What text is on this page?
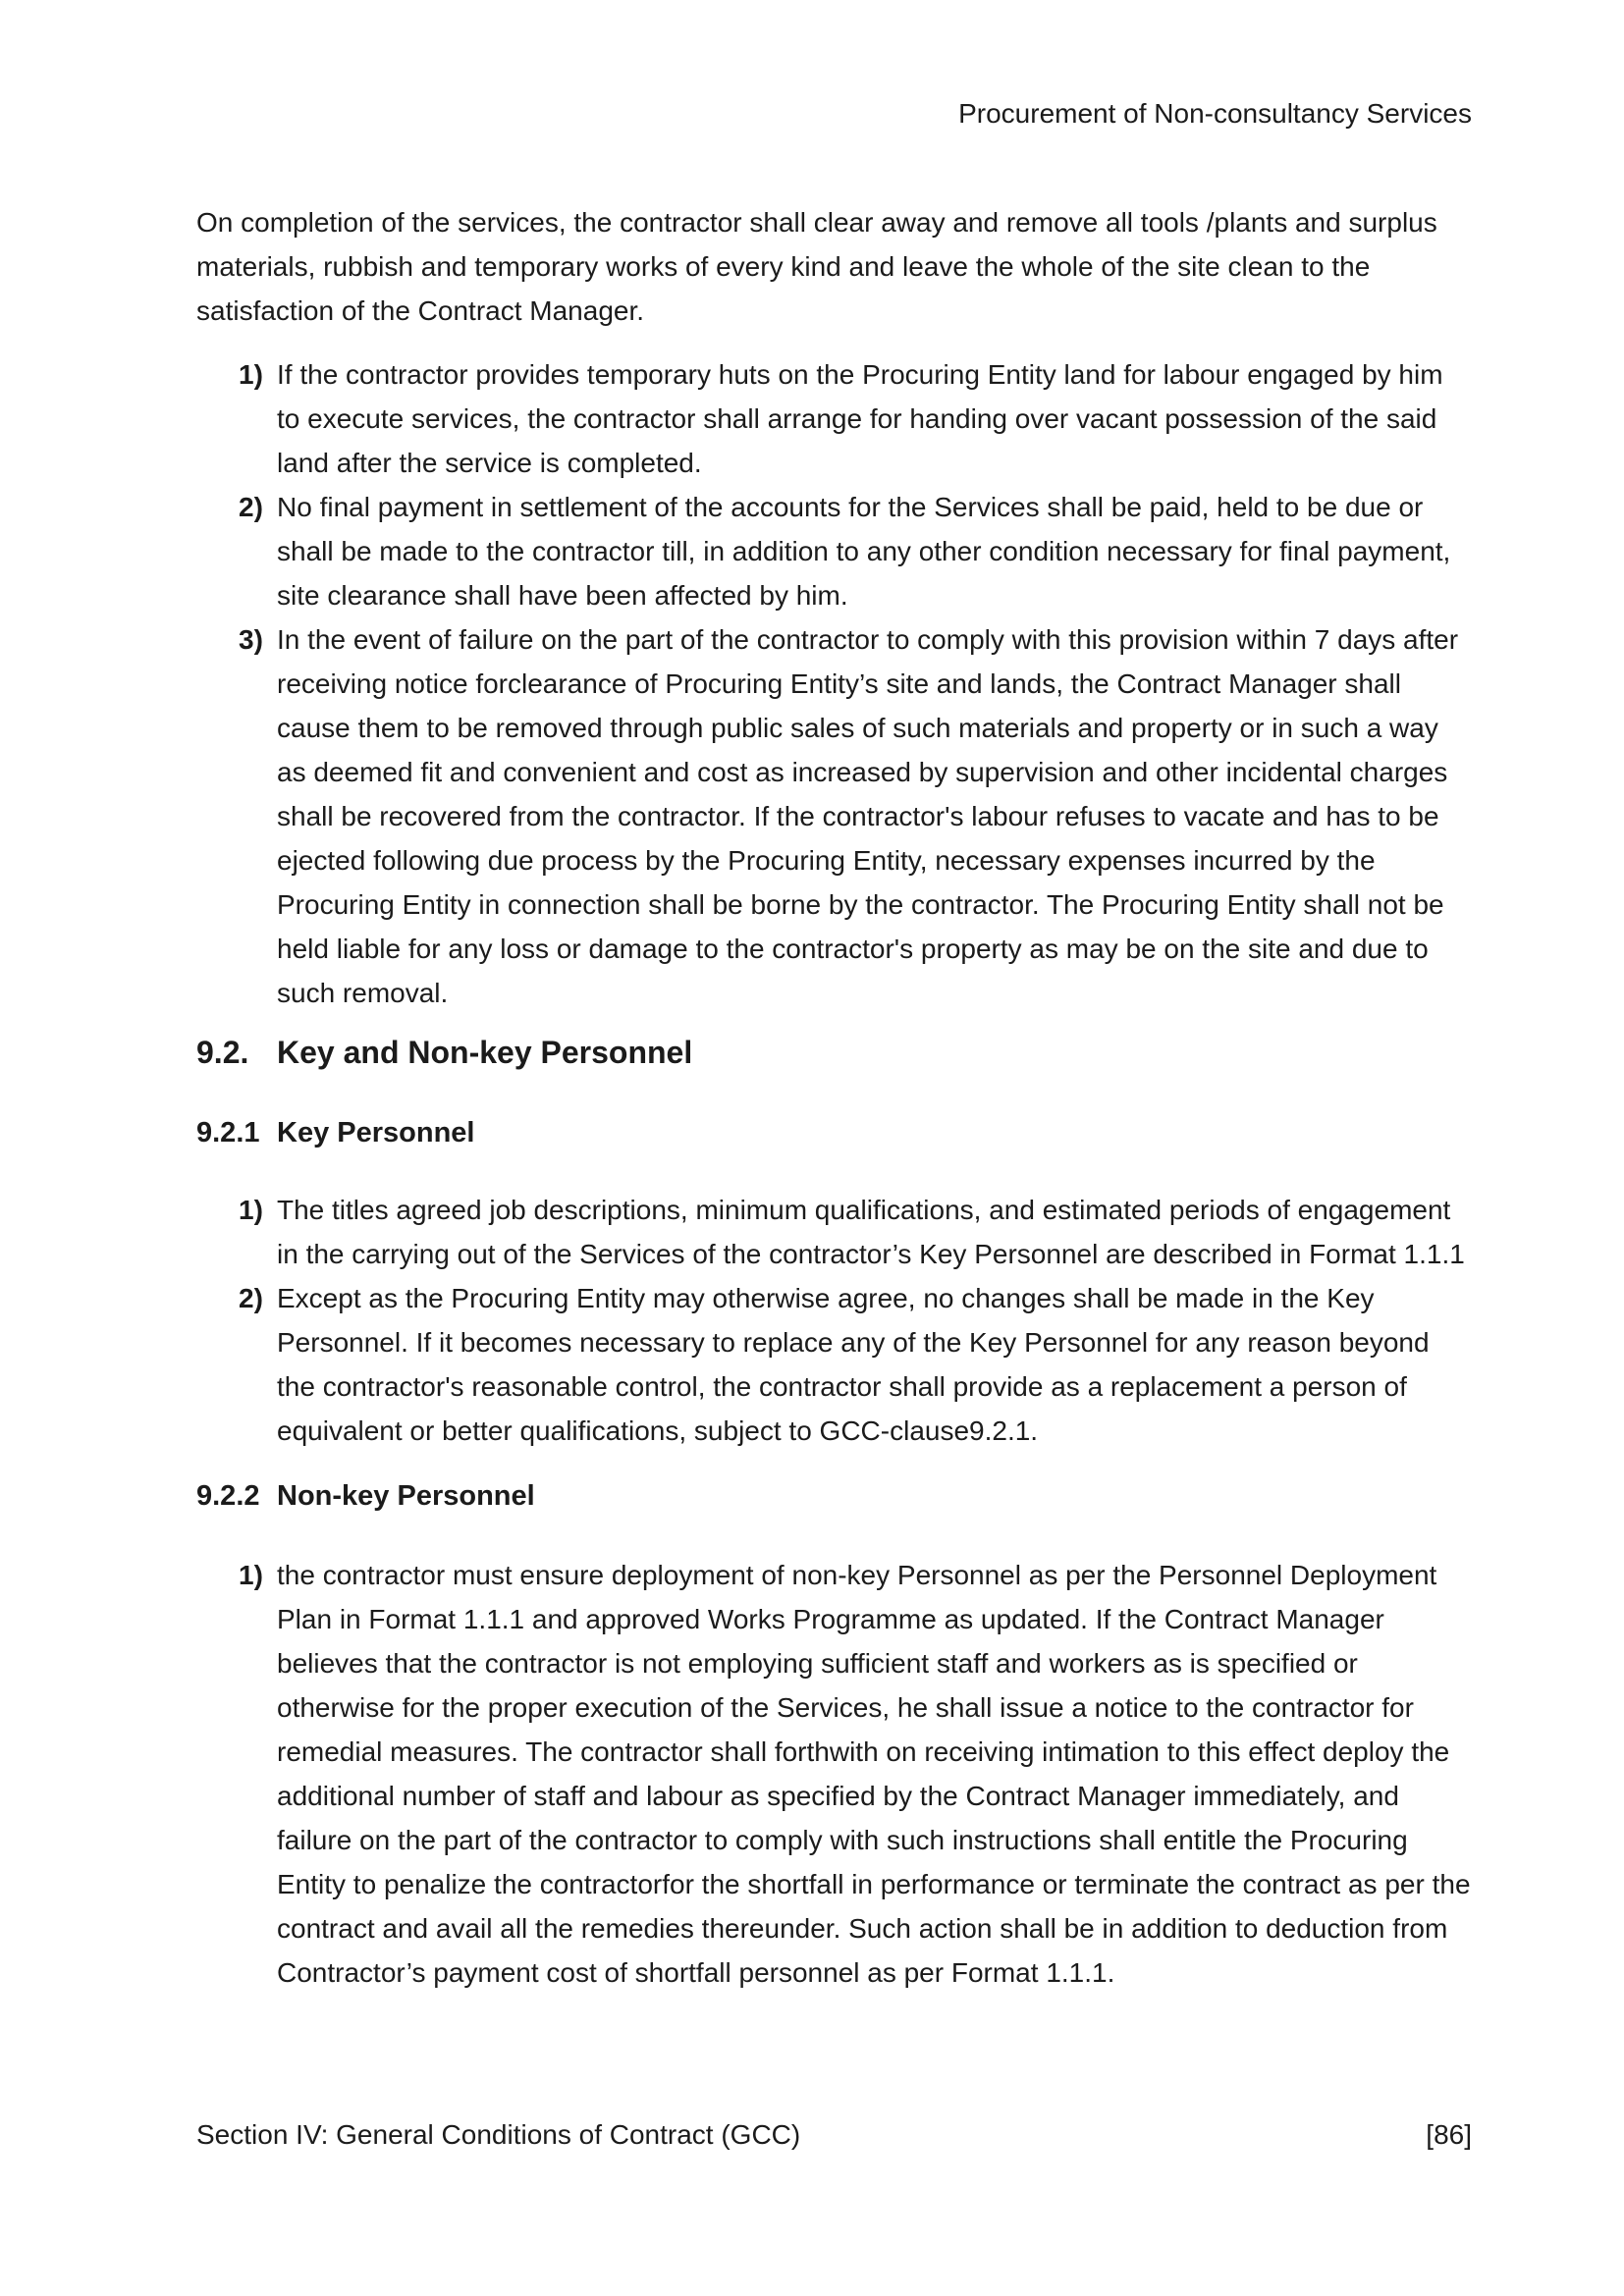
Procurement of Non-consultancy Services
On completion of the services, the contractor shall clear away and remove all tools /plants and surplus materials, rubbish and temporary works of every kind and leave the whole of the site clean to the satisfaction of the Contract Manager.
1) If the contractor provides temporary huts on the Procuring Entity land for labour engaged by him to execute services, the contractor shall arrange for handing over vacant possession of the said land after the service is completed.
2) No final payment in settlement of the accounts for the Services shall be paid, held to be due or shall be made to the contractor till, in addition to any other condition necessary for final payment, site clearance shall have been affected by him.
3) In the event of failure on the part of the contractor to comply with this provision within 7 days after receiving notice forclearance of Procuring Entity’s site and lands, the Contract Manager shall cause them to be removed through public sales of such materials and property or in such a way as deemed fit and convenient and cost as increased by supervision and other incidental charges shall be recovered from the contractor. If the contractor's labour refuses to vacate and has to be ejected following due process by the Procuring Entity, necessary expenses incurred by the Procuring Entity in connection shall be borne by the contractor. The Procuring Entity shall not be held liable for any loss or damage to the contractor's property as may be on the site and due to such removal.
9.2. Key and Non-key Personnel
9.2.1 Key Personnel
1) The titles agreed job descriptions, minimum qualifications, and estimated periods of engagement in the carrying out of the Services of the contractor’s Key Personnel are described in Format 1.1.1
2) Except as the Procuring Entity may otherwise agree, no changes shall be made in the Key Personnel. If it becomes necessary to replace any of the Key Personnel for any reason beyond the contractor's reasonable control, the contractor shall provide as a replacement a person of equivalent or better qualifications, subject to GCC-clause9.2.1.
9.2.2 Non-key Personnel
1) the contractor must ensure deployment of non-key Personnel as per the Personnel Deployment Plan in Format 1.1.1 and approved Works Programme as updated. If the Contract Manager believes that the contractor is not employing sufficient staff and workers as is specified or otherwise for the proper execution of the Services, he shall issue a notice to the contractor for remedial measures. The contractor shall forthwith on receiving intimation to this effect deploy the additional number of staff and labour as specified by the Contract Manager immediately, and failure on the part of the contractor to comply with such instructions shall entitle the Procuring Entity to penalize the contractorfor the shortfall in performance or terminate the contract as per the contract and avail all the remedies thereunder. Such action shall be in addition to deduction from Contractor’s payment cost of shortfall personnel as per Format 1.1.1.
Section IV: General Conditions of Contract (GCC)	[86]
